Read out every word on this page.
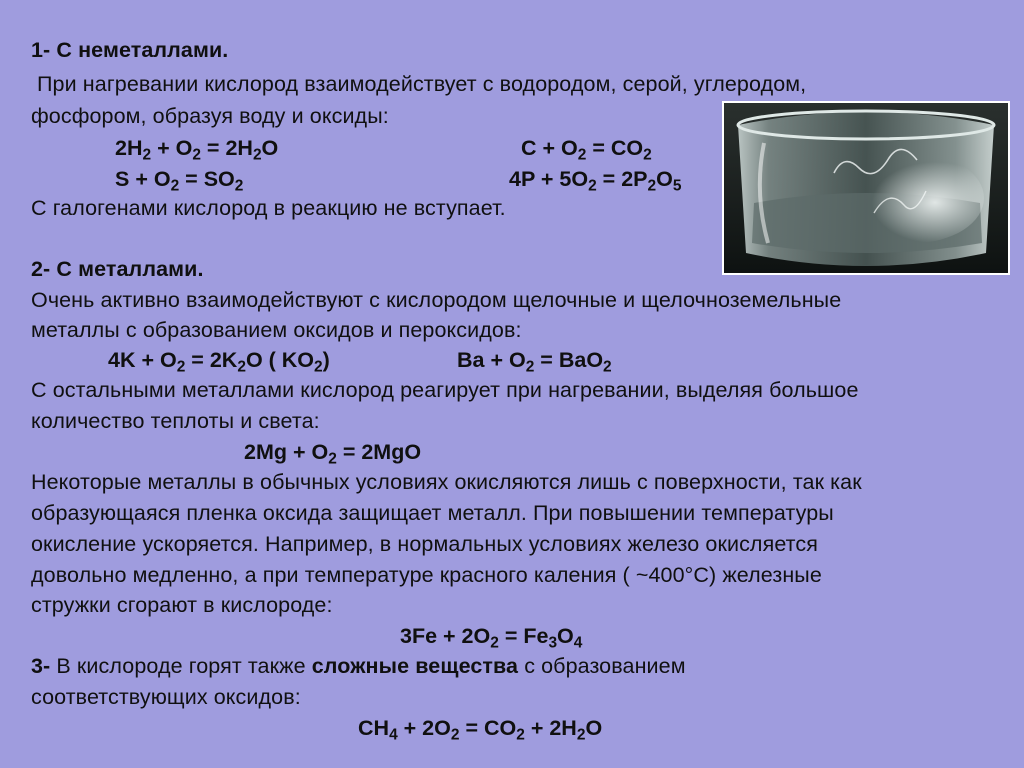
1- С неметаллами.
При нагревании кислород взаимодействует с водородом, серой, углеродом,
фосфором, образуя воду и оксиды:
$2H_2 + O_2 = 2H_2O$	$C + O_2 = CO_2$
$S + O_2 = SO_2$	$4P + 5O_2 = 2P_2O_5$
С галогенами кислород в реакцию не вступает.
2- С металлами.
Очень активно взаимодействуют с кислородом щелочные и щелочноземельные
металлы с образованием оксидов и пероксидов:
$4K + O_2 = 2K_2O$ ( $KO_2$)	$Ba + O_2 = BaO_2$
С остальными металлами кислород реагирует при нагревании, выделяя большое
количество теплоты и света:
$2Mg + O_2 = 2MgO$
Некоторые металлы в обычных условиях окисляются лишь с поверхности, так как
образующаяся пленка оксида защищает металл. При повышении температуры
окисление ускоряется. Например, в нормальных условиях железо окисляется
довольно медленно, а при температуре красного каления ( ~400°С) железные
стружки сгорают в кислороде:
$3Fe + 2O_2 = Fe_3O_4$
3- В кислороде горят также сложные вещества с образованием
соответствующих оксидов:
$CH_4 + 2O_2 = CO_2 + 2H_2O$
